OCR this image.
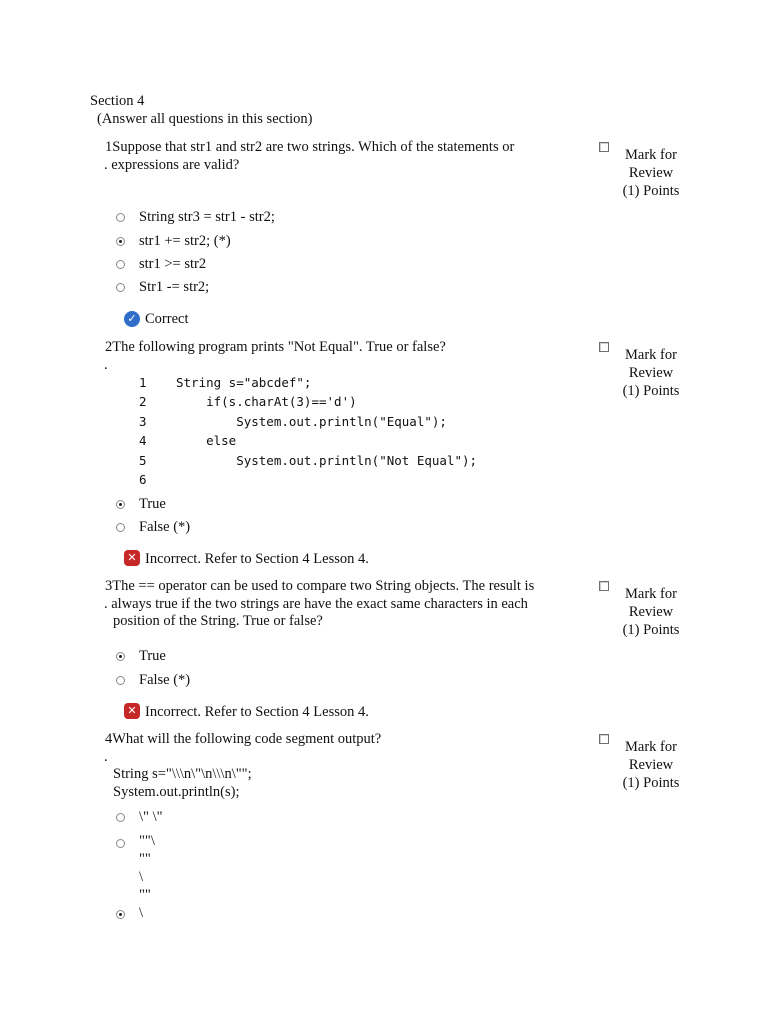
Section 4
(Answer all questions in this section)
1Suppose that str1 and str2 are two strings. Which of the statements or
. expressions are valid?
Mark for
Review
(1) Points
String str3 = str1 - str2;
str1 += str2; (*)
str1 >= str2
Str1 -= str2;
✓ Correct
2The following program prints "Not Equal". True or false?
.
Mark for
Review
(1) Points
1 String s="abcdef";
2 if(s.charAt(3)=='d')
3 System.out.println("Equal");
4 else
5 System.out.println("Not Equal");
6
True
False (*)
✕ Incorrect. Refer to Section 4 Lesson 4.
3The == operator can be used to compare two String objects. The result is
. always true if the two strings are have the exact same characters in each
position of the String. True or false?
Mark for
Review
(1) Points
True
False (*)
✕ Incorrect. Refer to Section 4 Lesson 4.
4What will the following code segment output?
.
Mark for
Review
(1) Points
String s="\\\n\"\n\\\n\"";
System.out.println(s);
\" \"
""\
""
\
""
\
